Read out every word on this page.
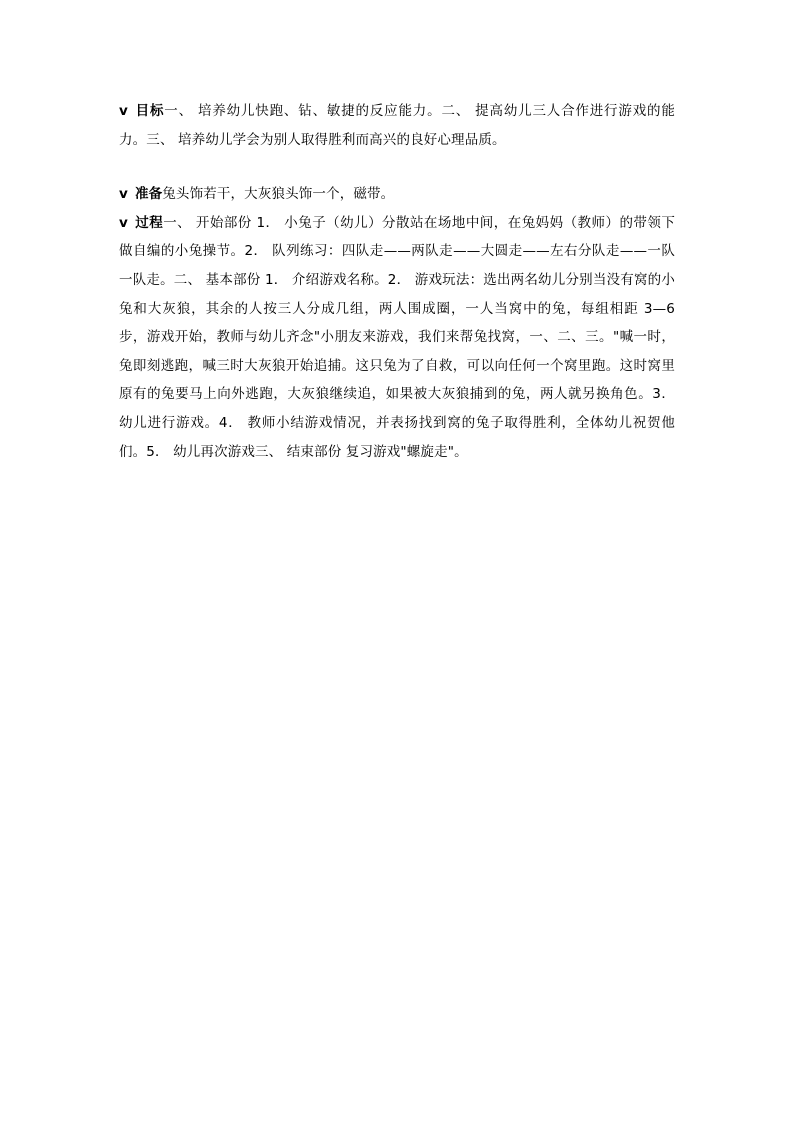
v 目标一、 培养幼儿快跑、钻、敏捷的反应能力。二、 提高幼儿三人合作进行游戏的能力。三、 培养幼儿学会为别人取得胜利而高兴的良好心理品质。

v 准备兔头饰若干，大灰狼头饰一个，磁带。

v 过程一、 开始部份 1． 小兔子（幼儿）分散站在场地中间，在兔妈妈（教师）的带领下做自编的小兔操节。2． 队列练习：四队走——两队走——大圆走——左右分队走——一队一队走。二、 基本部份 1． 介绍游戏名称。2． 游戏玩法：选出两名幼儿分别当没有窝的小兔和大灰狼，其余的人按三人分成几组，两人围成圈，一人当窝中的兔，每组相距 3—6 步，游戏开始，教师与幼儿齐念"小朋友来游戏，我们来帮兔找窝，一、二、三。"喊一时，兔即刻逃跑，喊三时大灰狼开始追捕。这只兔为了自救，可以向任何一个窝里跑。这时窝里原有的兔要马上向外逃跑，大灰狼继续追，如果被大灰狼捕到的兔，两人就另换角色。3． 幼儿进行游戏。4． 教师小结游戏情况，并表扬找到窝的兔子取得胜利，全体幼儿祝贺他们。5． 幼儿再次游戏三、 结束部份 复习游戏"螺旋走"。
